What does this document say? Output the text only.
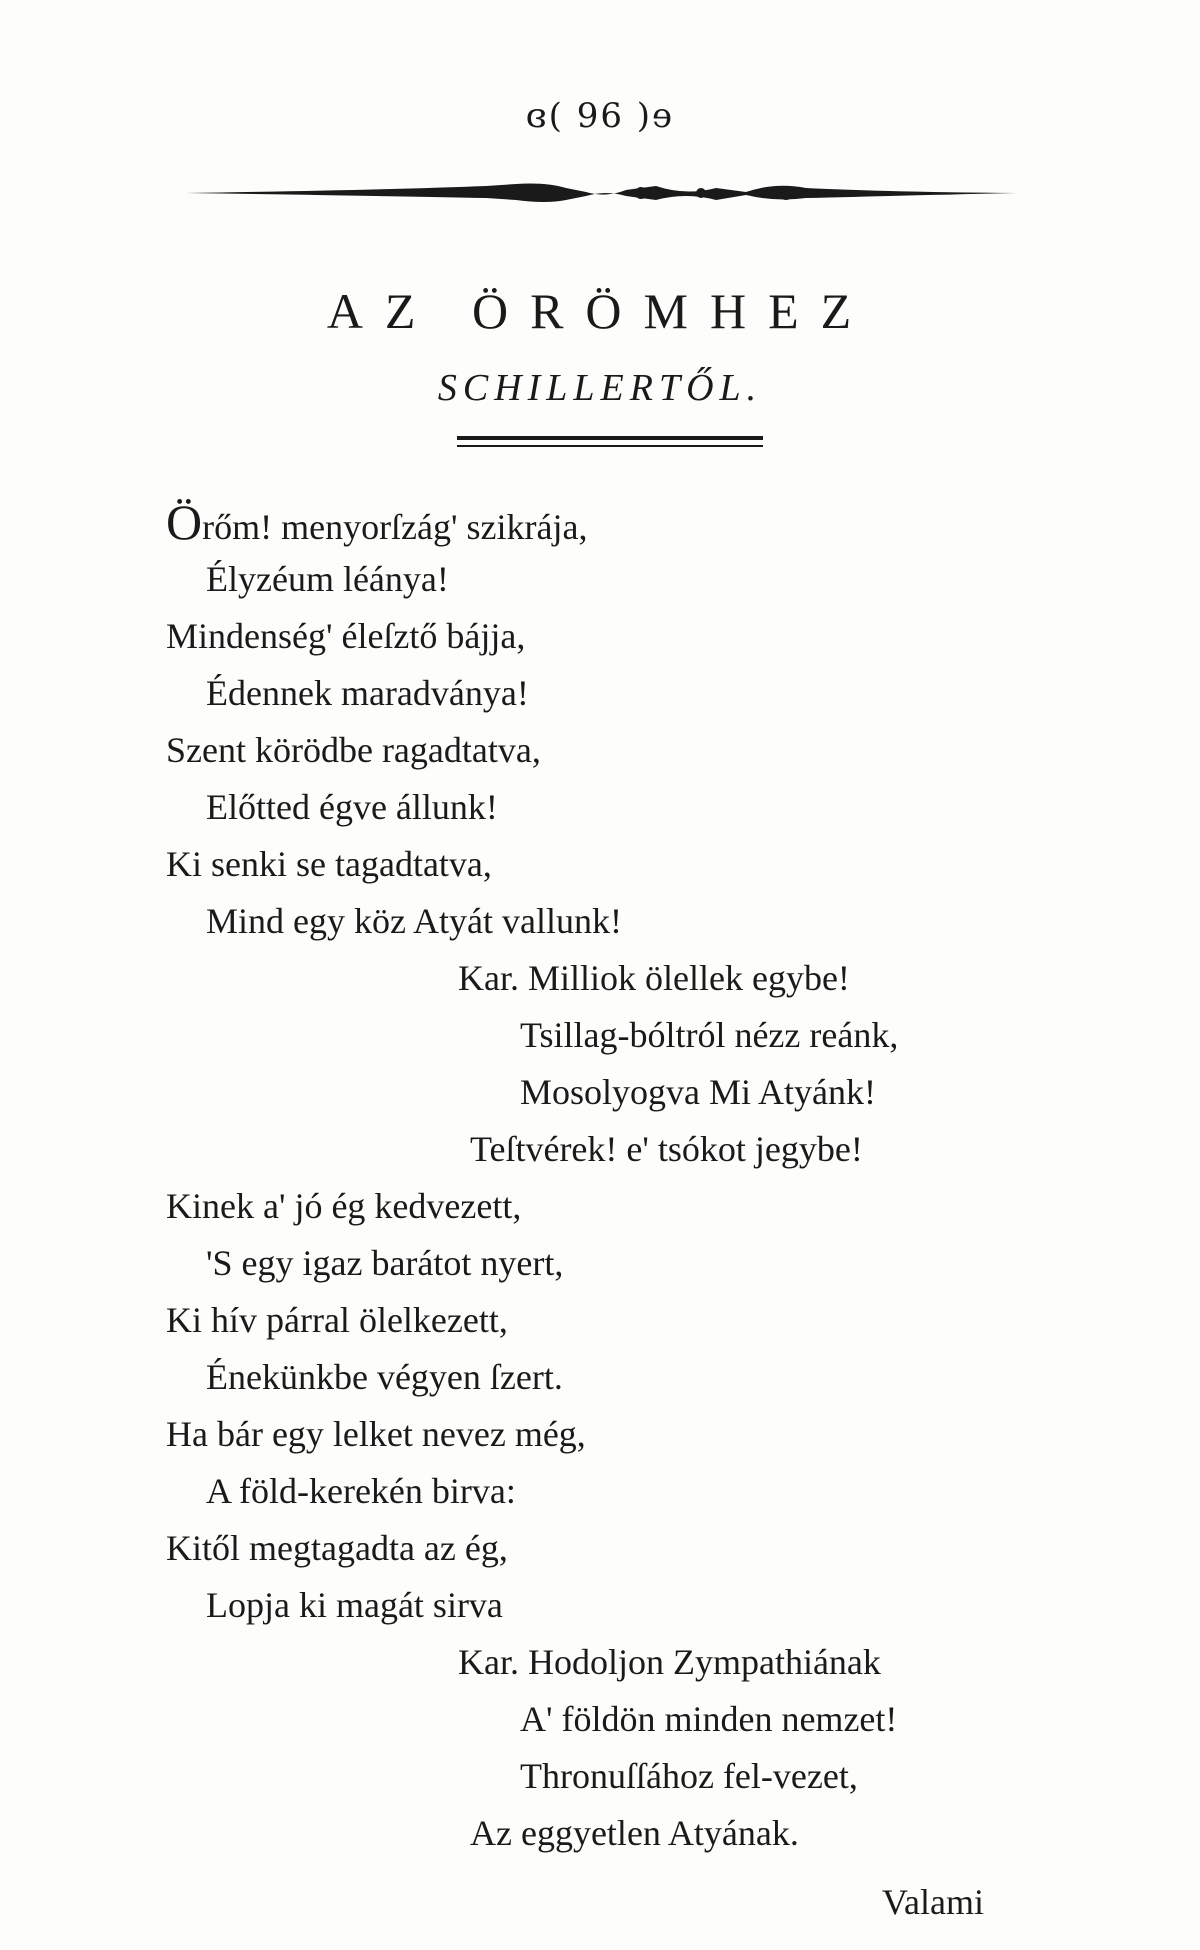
ɞ( 96 )ɘ
AZ ÖRÖMHEZ
SCHILLERTŐL.
Örőm! menyorſzág' szikrája,
Élyzéum léánya!
Mindenség' éleſztő bájja,
Édennek maradványa!
Szent körödbe ragadtatva,
Előtted égve állunk!
Ki senki se tagadtatva,
Mind egy köz Atyát vallunk!
Kar. Milliok ölellek egybe!
Tsillag-bóltról nézz reánk,
Mosolyogva Mi Atyánk!
Teſtvérek! e' tsókot jegybe!
Kinek a' jó ég kedvezett,
'S egy igaz barátot nyert,
Ki hív párral ölelkezett,
Énekünkbe végyen ſzert.
Ha bár egy lelket nevez még,
A föld-kerekén birva:
Kitől megtagadta az ég,
Lopja ki magát sirva
Kar. Hodoljon Zympathiának
A' földön minden nemzet!
Thronuſſához fel-vezet,
Az eggyetlen Atyának.
Valami
